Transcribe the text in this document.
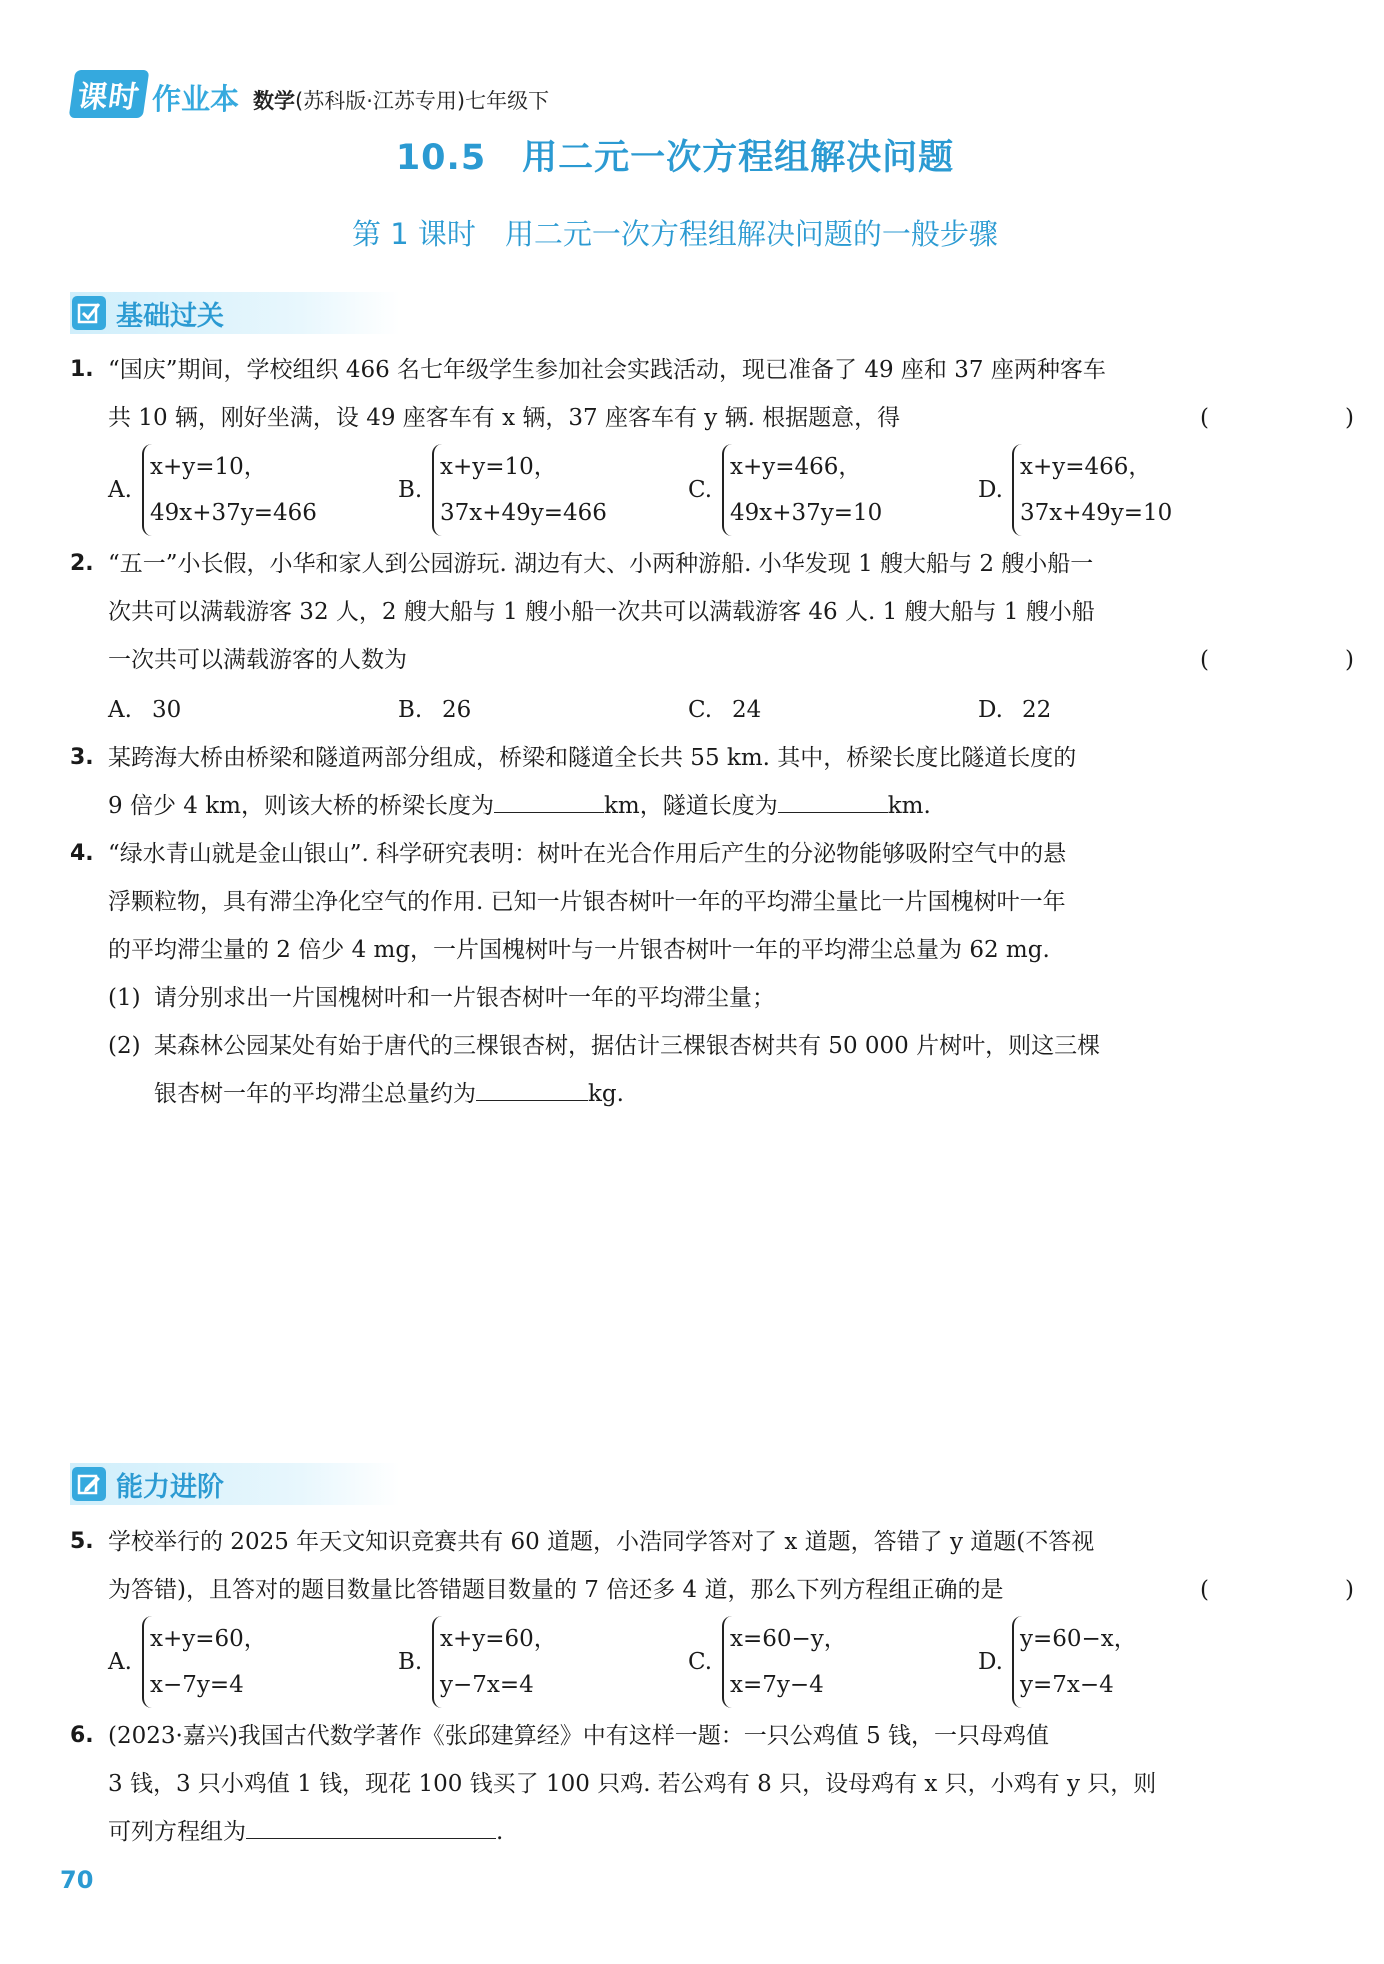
课时 作业本 数学(苏科版·江苏专用)七年级下
10.5　用二元一次方程组解决问题
第 1 课时　用二元一次方程组解决问题的一般步骤
基础过关
1. “国庆”期间，学校组织 466 名七年级学生参加社会实践活动，现已准备了 49 座和 37 座两种客车
(　　)
共 10 辆，刚好坐满，设 49 座客车有 x 辆，37 座客车有 y 辆. 根据题意，得
A.
x+y=10，
49x+37y=466
B.
x+y=10，
37x+49y=466
C.
x+y=466，
49x+37y=10
D.
x+y=466，
37x+49y=10
2. “五一”小长假，小华和家人到公园游玩. 湖边有大、小两种游船. 小华发现 1 艘大船与 2 艘小船一
次共可以满载游客 32 人，2 艘大船与 1 艘小船一次共可以满载游客 46 人. 1 艘大船与 1 艘小船
(　　)
一次共可以满载游客的人数为
A. 30	B. 26	C. 24	D. 22
3. 某跨海大桥由桥梁和隧道两部分组成，桥梁和隧道全长共 55 km. 其中，桥梁长度比隧道长度的
9 倍少 4 km，则该大桥的桥梁长度为	km，隧道长度为	km.
4. “绿水青山就是金山银山”. 科学研究表明：树叶在光合作用后产生的分泌物能够吸附空气中的悬
浮颗粒物，具有滞尘净化空气的作用. 已知一片银杏树叶一年的平均滞尘量比一片国槐树叶一年
的平均滞尘量的 2 倍少 4 mg，一片国槐树叶与一片银杏树叶一年的平均滞尘总量为 62 mg.
(1) 请分别求出一片国槐树叶和一片银杏树叶一年的平均滞尘量；
(2) 某森林公园某处有始于唐代的三棵银杏树，据估计三棵银杏树共有 50 000 片树叶，则这三棵
银杏树一年的平均滞尘总量约为	kg.
能力进阶
5. 学校举行的 2025 年天文知识竞赛共有 60 道题，小浩同学答对了 x 道题，答错了 y 道题(不答视
(　　)
为答错)，且答对的题目数量比答错题目数量的 7 倍还多 4 道，那么下列方程组正确的是
A.
x+y=60，
x−7y=4
B.
x+y=60，
y−7x=4
C.
x=60−y，
x=7y−4
D.
y=60−x，
y=7x−4
6. (2023·嘉兴)我国古代数学著作《张邱建算经》中有这样一题：一只公鸡值 5 钱，一只母鸡值
3 钱，3 只小鸡值 1 钱，现花 100 钱买了 100 只鸡. 若公鸡有 8 只，设母鸡有 x 只，小鸡有 y 只，则
可列方程组为	.
70
